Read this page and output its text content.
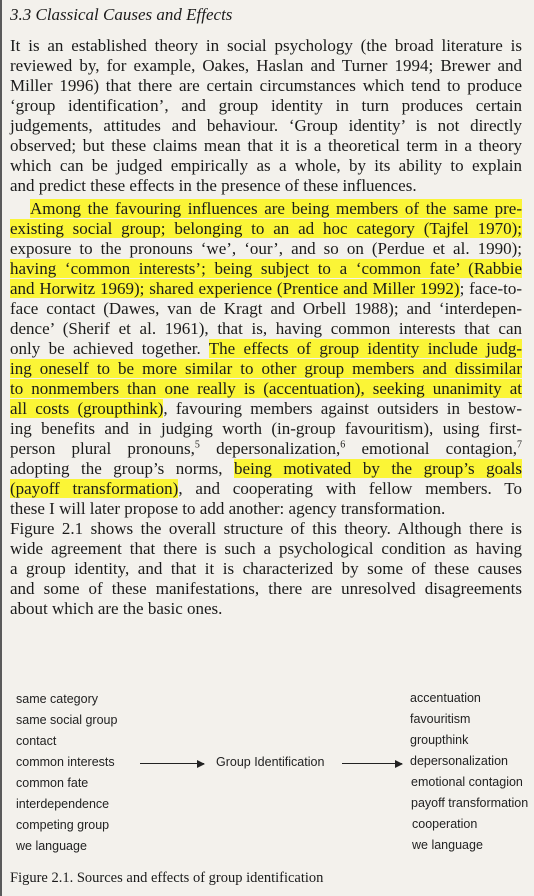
3.3 Classical Causes and Effects
It is an established theory in social psychology (the broad literature is
reviewed by, for example, Oakes, Haslan and Turner 1994; Brewer and
Miller 1996) that there are certain circumstances which tend to produce
‘group identification’, and group identity in turn produces certain
judgements, attitudes and behaviour. ‘Group identity’ is not directly
observed; but these claims mean that it is a theoretical term in a theory
which can be judged empirically as a whole, by its ability to explain
and predict these effects in the presence of these influences.
Among the favouring influences are being members of the same pre-
existing social group; belonging to an ad hoc category (Tajfel 1970);
exposure to the pronouns ‘we’, ‘our’, and so on (Perdue et al. 1990);
having ‘common interests’; being subject to a ‘common fate’ (Rabbie
and Horwitz 1969); shared experience (Prentice and Miller 1992); face-to-
face contact (Dawes, van de Kragt and Orbell 1988); and ‘interdepen-
dence’ (Sherif et al. 1961), that is, having common interests that can
only be achieved together. The effects of group identity include judg-
ing oneself to be more similar to other group members and dissimilar
to nonmembers than one really is (accentuation), seeking unanimity at
all costs (groupthink), favouring members against outsiders in bestow-
ing benefits and in judging worth (in-group favouritism), using first-
person plural pronouns,$^5$ depersonalization,$^6$ emotional contagion,$^7$
adopting the group’s norms, being motivated by the group’s goals
(payoff transformation), and cooperating with fellow members. To
these I will later propose to add another: agency transformation.
Figure 2.1 shows the overall structure of this theory. Although there is
wide agreement that there is such a psychological condition as having
a group identity, and that it is characterized by some of these causes
and some of these manifestations, there are unresolved disagreements
about which are the basic ones.
same category
same social group
contact
common interests
common fate
interdependence
competing group
we language
Group Identification
accentuation
favouritism
groupthink
depersonalization
emotional contagion
payoff transformation
cooperation
we language
Figure 2.1. Sources and effects of group identification
